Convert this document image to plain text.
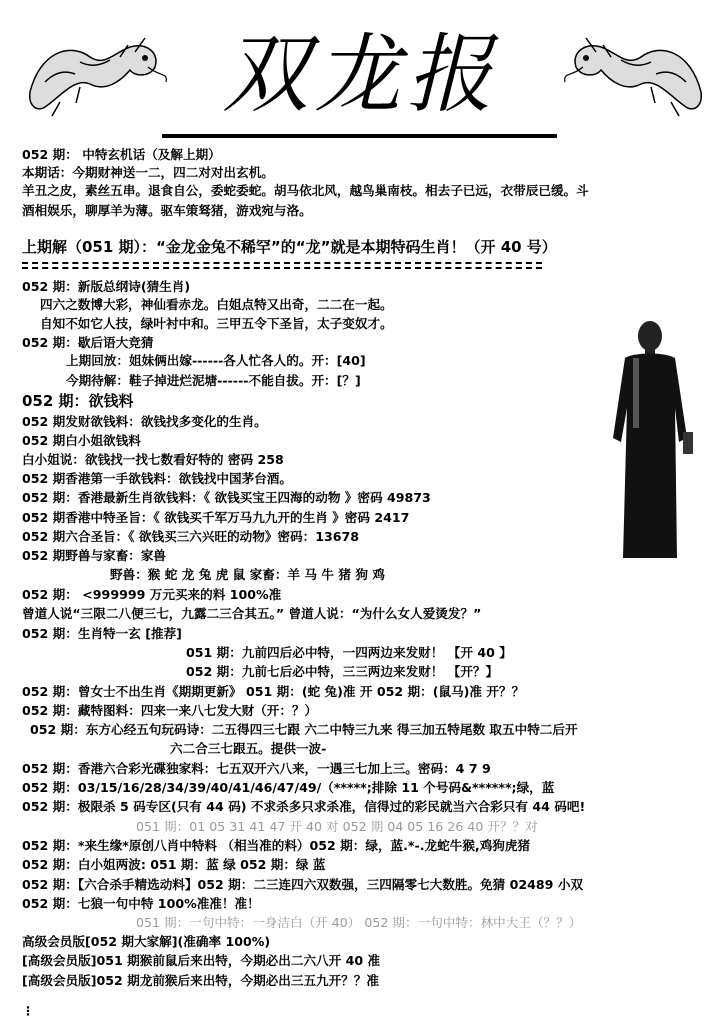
双龙报
052 期： 中特玄机话（及解上期）
本期话：今期财神送一二，四二对对出玄机。
羊丑之皮，素丝五串。退食自公，委蛇委蛇。胡马依北风，越鸟巢南枝。相去子已远，衣带辰已缓。斗
酒相娱乐，聊厚羊为薄。驱车策驽猪，游戏宛与洛。
上期解（051 期）：“金龙金兔不稀罕”的“龙”就是本期特码生肖！（开 40 号）
052 期：新版总纲诗(猜生肖)
四六之数博大彩，神仙看赤龙。白姐点特又出奇，二二在一起。
自知不如它人技，绿叶衬中和。三甲五令下圣旨，太子变奴才。
052 期：歇后语大竞猜
上期回放：姐妹俩出嫁------各人忙各人的。开：[40]
今期待解：鞋子掉进烂泥塘------不能自拔。开：[？]
052 期：欲钱料
052 期发财欲钱料：欲钱找多变化的生肖。
052 期白小姐欲钱料
白小姐说：欲钱找一找七数看好特的 密码 258
052 期香港第一手欲钱料：欲钱找中国茅台酒。
052 期：香港最新生肖欲钱料：《 欲钱买宝王四海的动物 》密码 49873
052 期香港中特圣旨：《 欲钱买千军万马九九开的生肖 》密码 2417
052 期六合圣旨：《 欲钱买三六兴旺的动物》密码：13678
052 期野兽与家畜：家兽
野兽：猴 蛇 龙 兔 虎 鼠 家畜：羊 马 牛 猪 狗 鸡
052 期： <999999 万元买来的料 100%准
曾道人说“三限二八便三七，九露二三合其五。” 曾道人说：“为什么女人爱烫发？”
052 期：生肖特一玄 [推荐]
051 期：九前四后必中特，一四两边来发财！ 【开 40 】
052 期：九前七后必中特，三三两边来发财！ 【开？】
052 期：曾女士不出生肖《期期更新》 051 期：(蛇 兔)准 开 052 期：(鼠马)准 开？？
052 期：藏特图料：四来一来八七发大财（开：？）
052 期：东方心经五句玩码诗：二五得四三七跟 六二中特三九来 得三加五特尾数 取五中特二后开
六二合三七跟五。提供一波-
052 期：香港六合彩光碟独家料：七五双开六八来，一遇三七加上三。密码：4 7 9
052 期：03/15/16/28/34/39/40/41/46/47/49/（*****;排除 11 个号码&******;绿，蓝
052 期：极限杀 5 码专区(只有 44 码) 不求杀多只求杀准，信得过的彩民就当六合彩只有 44 码吧!
051 期：01 05 31 41 47 开 40 对 052 期 04 05 16 26 40 开？？对
052 期：*来生缘*原创八肖中特料 （相当准的料）052 期：绿，蓝.*-.龙蛇牛猴,鸡狗虎猪
052 期：白小姐两波: 051 期：蓝 绿 052 期：绿 蓝
052 期：【六合杀手精选动料】052 期：二三连四六双数强，三四隔零七大数胜。免猜 02489 小双
052 期：七狼一句中特 100%准准！准！
051 期：一句中特：一身洁白（开 40） 052 期：一句中特：林中大王（？？）
高级会员版[052 期大家解](准确率 100%)
[高级会员版]051 期猴前鼠后来出特，今期必出二六八开 40 准
[高级会员版]052 期龙前猴后来出特，今期必出三五九开？？准
⋮
